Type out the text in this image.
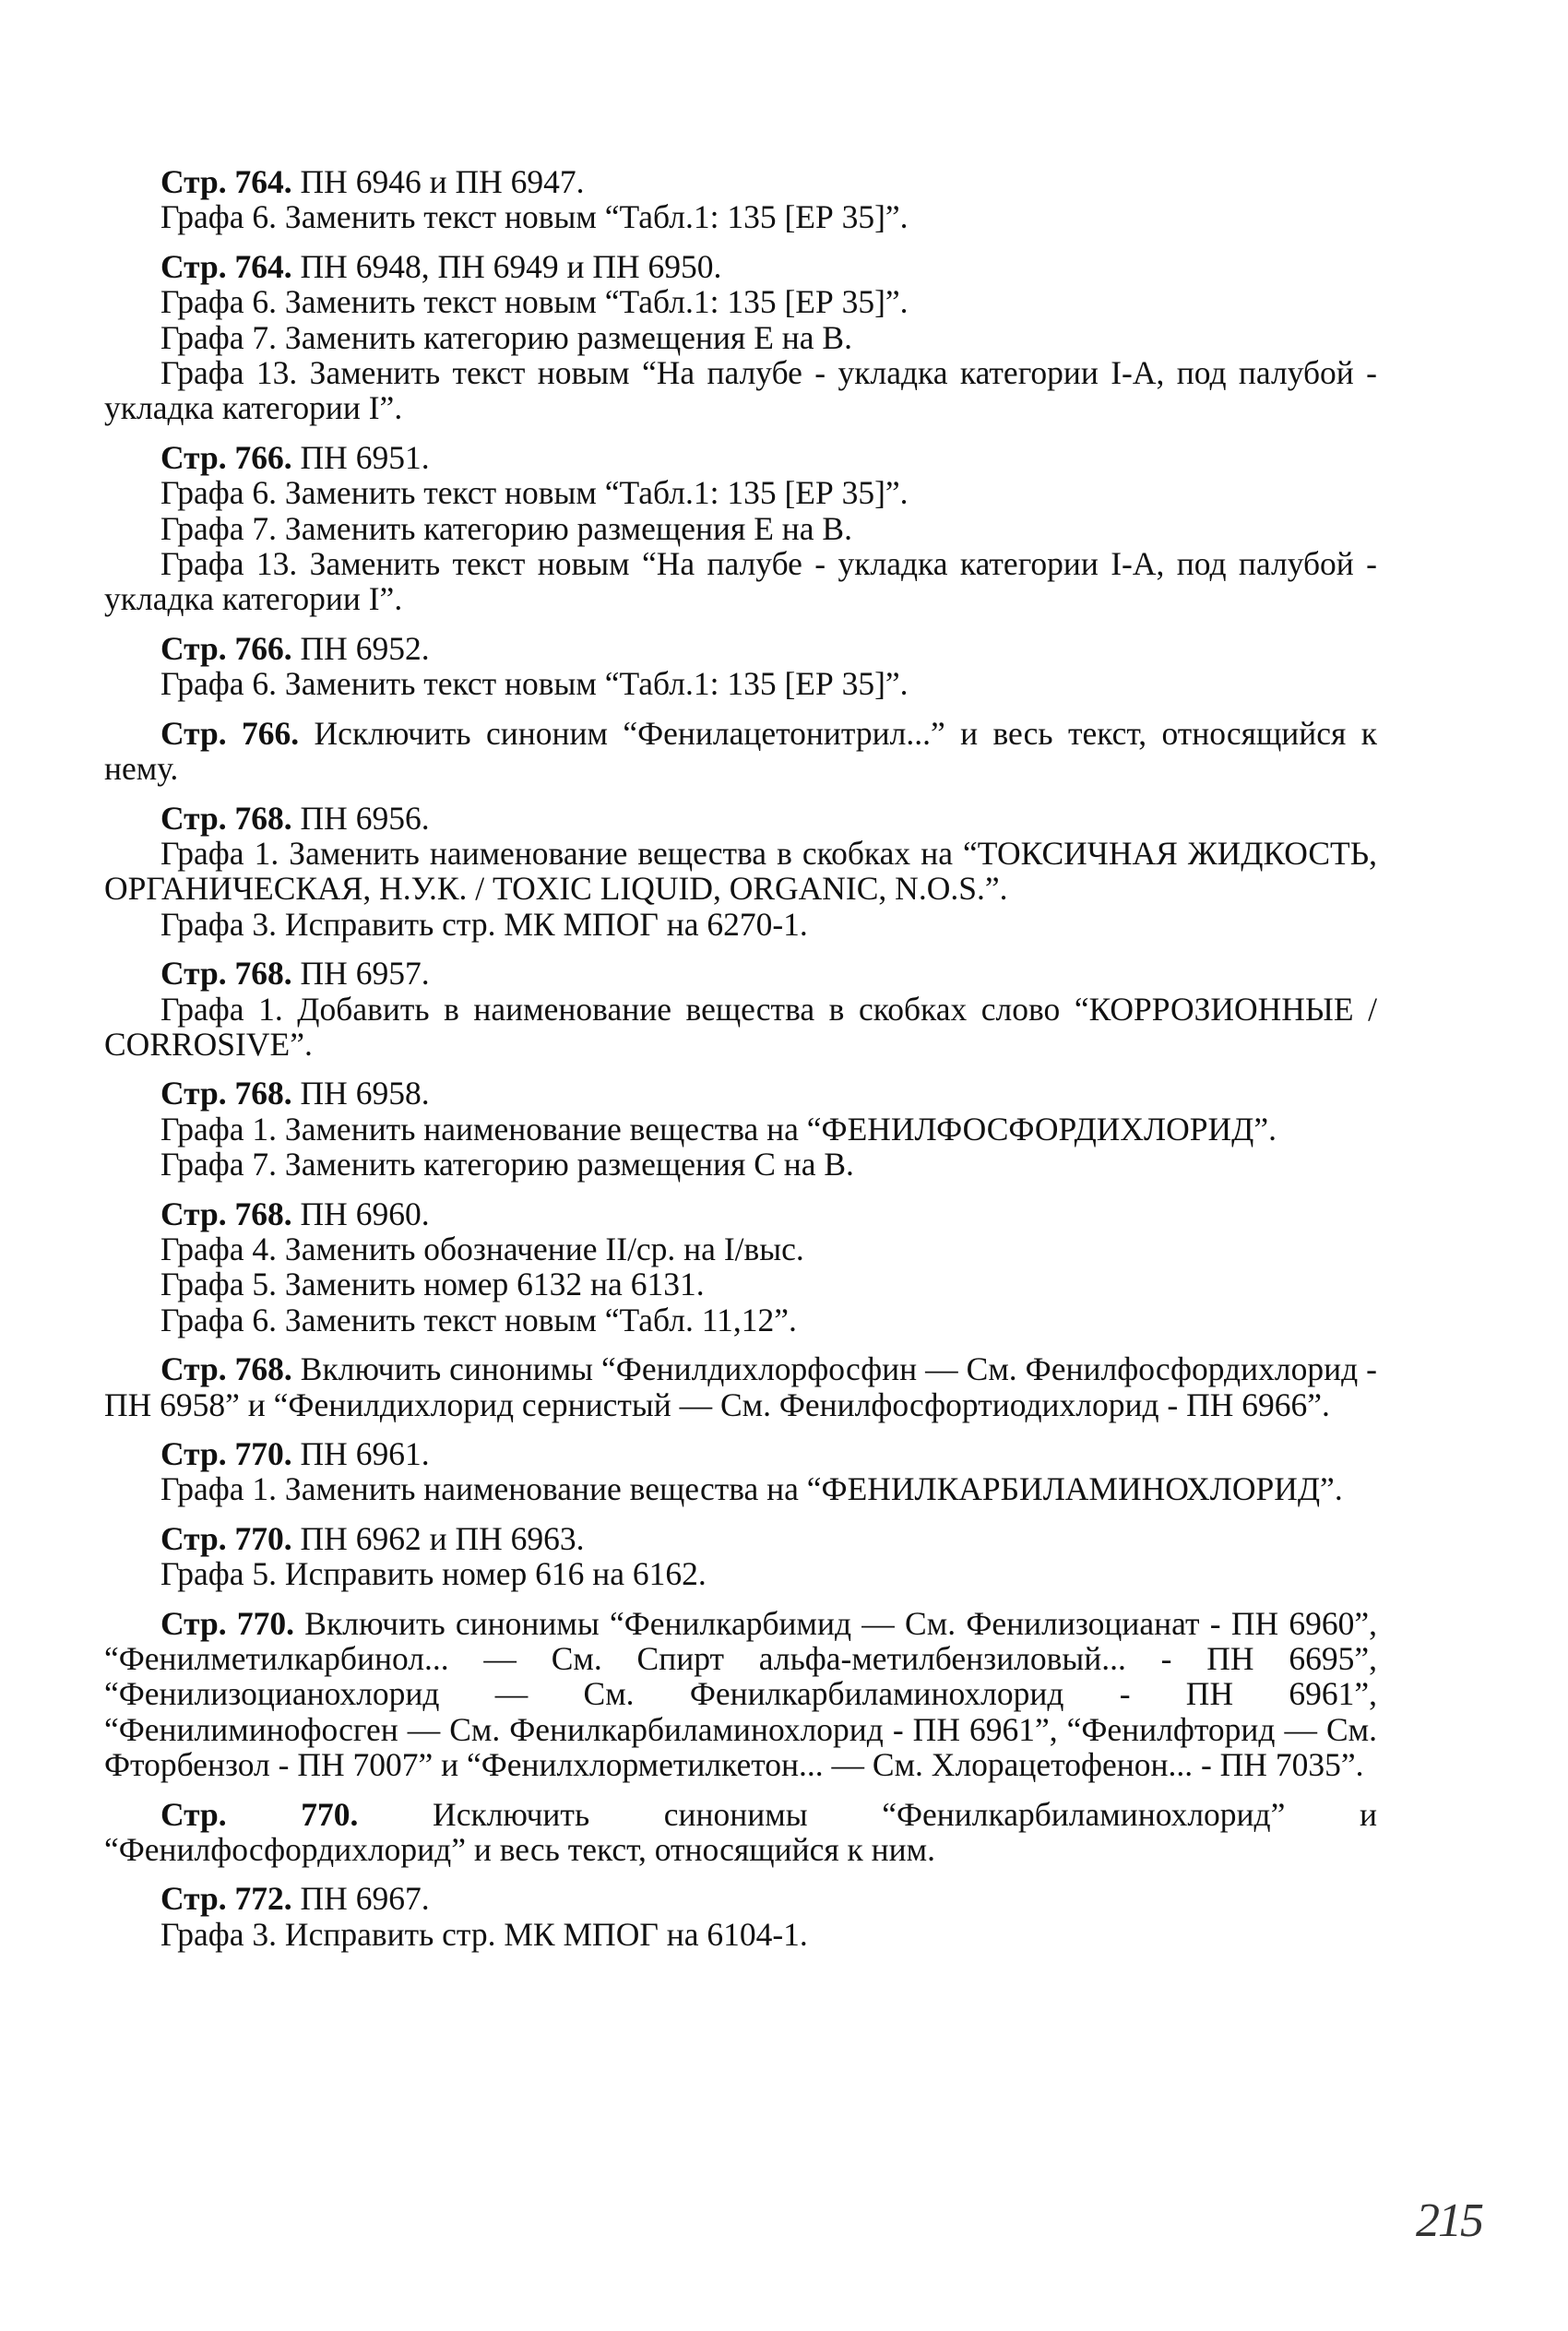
Стр. 764. ПН 6946 и ПН 6947.

Графа 6. Заменить текст новым “Табл.1: 135 [ЕР 35]”.

Стр. 764. ПН 6948, ПН 6949 и ПН 6950.

Графа 6. Заменить текст новым “Табл.1: 135 [ЕР 35]”.

Графа 7. Заменить категорию размещения Е на В.

Графа 13. Заменить текст новым “На палубе - укладка категории I-А, под палубой - укладка категории I”.

Стр. 766. ПН 6951.

Графа 6. Заменить текст новым “Табл.1: 135 [ЕР 35]”.

Графа 7. Заменить категорию размещения Е на В.

Графа 13. Заменить текст новым “На палубе - укладка категории I-А, под палубой - укладка категории I”.

Стр. 766. ПН 6952.

Графа 6. Заменить текст новым “Табл.1: 135 [ЕР 35]”.

Стр. 766. Исключить синоним “Фенилацетонитрил...” и весь текст, относящийся к нему.

Стр. 768. ПН 6956.

Графа 1. Заменить наименование вещества в скобках на “ТОКСИЧНАЯ ЖИДКОСТЬ, ОРГАНИЧЕСКАЯ, Н.У.К. / TOXIC LIQUID, ORGANIC, N.O.S.”.

Графа 3. Исправить стр. МК МПОГ на 6270-1.

Стр. 768. ПН 6957.

Графа 1. Добавить в наименование вещества в скобках слово “КОРРОЗИОННЫЕ / CORROSIVE”.

Стр. 768. ПН 6958.

Графа 1. Заменить наименование вещества на “ФЕНИЛФОСФОРДИХЛОРИД”.

Графа 7. Заменить категорию размещения С на В.

Стр. 768. ПН 6960.

Графа 4. Заменить обозначение II/ср. на I/выс.

Графа 5. Заменить номер 6132 на 6131.

Графа 6. Заменить текст новым “Табл. 11,12”.

Стр. 768. Включить синонимы “Фенилдихлорфосфин — См. Фенилфосфордихлорид - ПН 6958” и “Фенилдихлорид сернистый — См. Фенилфосфортиодихлорид - ПН 6966”.

Стр. 770. ПН 6961.

Графа 1. Заменить наименование вещества на “ФЕНИЛКАРБИЛАМИНОХЛОРИД”.

Стр. 770. ПН 6962 и ПН 6963.

Графа 5. Исправить номер 616 на 6162.

Стр. 770. Включить синонимы “Фенилкарбимид — См. Фенилизоцианат - ПН 6960”, “Фенилметилкарбинол... — См. Спирт альфа-метилбензиловый... - ПН 6695”, “Фенилизоцианохлорид — См. Фенилкарбиламинохлорид - ПН 6961”, “Фенилиминофосген — См. Фенилкарбиламинохлорид - ПН 6961”, “Фенилфторид — См. Фторбензол - ПН 7007” и “Фенилхлорметилкетон... — См. Хлорацетофенон... - ПН 7035”.

Стр. 770. Исключить синонимы “Фенилкарбиламинохлорид” и “Фенилфосфордихлорид” и весь текст, относящийся к ним.

Стр. 772. ПН 6967.

Графа 3. Исправить стр. МК МПОГ на 6104-1.

215
